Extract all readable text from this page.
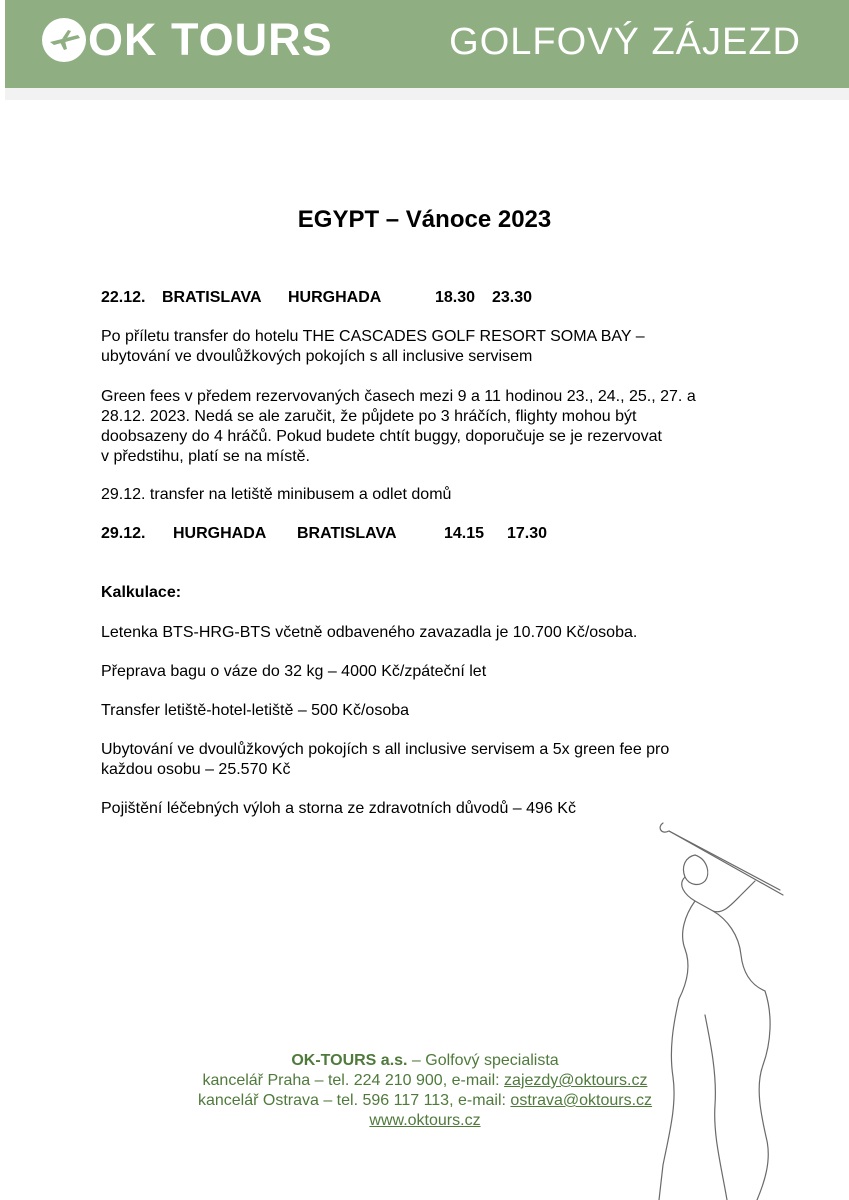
OK TOURS	GOLFOVÝ ZÁJEZD
EGYPT – Vánoce 2023
22.12. BRATISLAVA HURGHADA	18.30 23.30
Po příletu transfer do hotelu THE CASCADES GOLF RESORT SOMA BAY –
ubytování ve dvoulůžkových pokojích s all inclusive servisem
Green fees v předem rezervovaných časech mezi 9 a 11 hodinou 23., 24., 25., 27. a
28.12. 2023. Nedá se ale zaručit, že půjdete po 3 hráčích, flighty mohou být
doobsazeny do 4 hráčů. Pokud budete chtít buggy, doporučuje se je rezervovat
v předstihu, platí se na místě.
29.12. transfer na letiště minibusem a odlet domů
29.12. HURGHADA BRATISLAVA	14.15 17.30
Kalkulace:
Letenka BTS-HRG-BTS včetně odbaveného zavazadla je 10.700 Kč/osoba.
Přeprava bagu o váze do 32 kg – 4000 Kč/zpáteční let
Transfer letiště-hotel-letiště – 500 Kč/osoba
Ubytování ve dvoulůžkových pokojích s all inclusive servisem a 5x green fee pro
každou osobu – 25.570 Kč
Pojištění léčebných výloh a storna ze zdravotních důvodů – 496 Kč
OK-TOURS a.s. – Golfový specialista
kancelář Praha – tel. 224 210 900, e-mail: zajezdy@oktours.cz
kancelář Ostrava – tel. 596 117 113, e-mail: ostrava@oktours.cz
www.oktours.cz
